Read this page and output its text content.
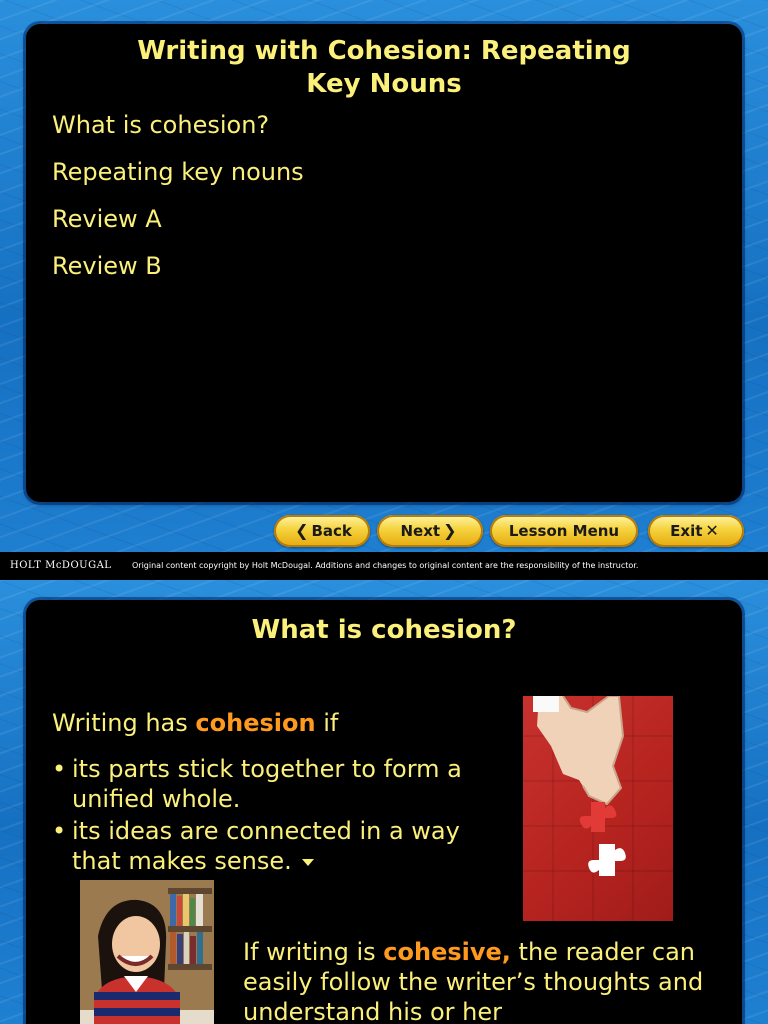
Writing with Cohesion: Repeating
Key Nouns
What is cohesion?
Repeating key nouns
Review A
Review B
❮ Back	Next ❯	Lesson Menu	Exit ✕
HOLT McDOUGAL	Original content copyright by Holt McDougal. Additions and changes to original content are the responsibility of the instructor.
What is cohesion?
Writing has cohesion if
• its parts stick together to form a unified whole.
• its ideas are connected in a way that makes sense.
If writing is cohesive, the reader can easily follow the writer’s thoughts and understand his or her
